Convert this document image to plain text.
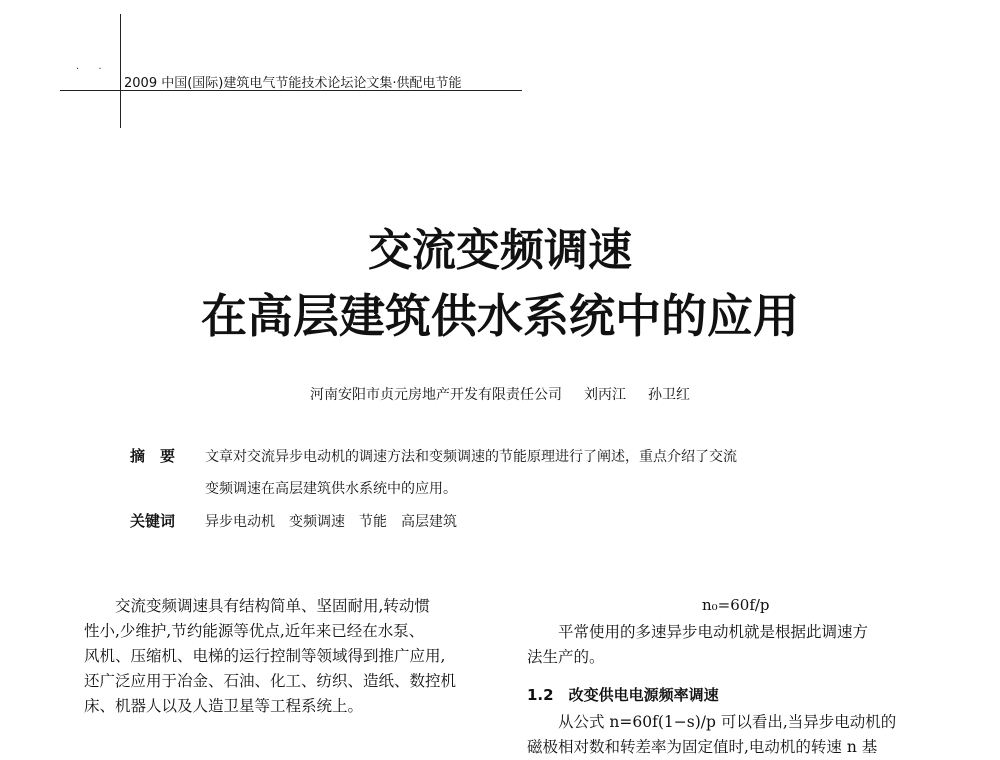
· ·
2009 中国(国际)建筑电气节能技术论坛论文集·供配电节能
交流变频调速
在高层建筑供水系统中的应用
河南安阳市贞元房地产开发有限责任公司 刘丙江 孙卫红
摘　要 文章对交流异步电动机的调速方法和变频调速的节能原理进行了阐述，重点介绍了交流
变频调速在高层建筑供水系统中的应用。
关键词 异步电动机 变频调速 节能 高层建筑
　　交流变频调速具有结构简单、坚固耐用,转动惯
性小,少维护,节约能源等优点,近年来已经在水泵、
风机、压缩机、电梯的运行控制等领域得到推广应用,
还广泛应用于冶金、石油、化工、纺织、造纸、数控机
床、机器人以及人造卫星等工程系统上。
n₀=60f/p
　　平常使用的多速异步电动机就是根据此调速方
法生产的。
1.2　改变供电电源频率调速
　　从公式 n=60f(1−s)/p 可以看出,当异步电动机的
磁极相对数和转差率为固定值时,电动机的转速 n 基
